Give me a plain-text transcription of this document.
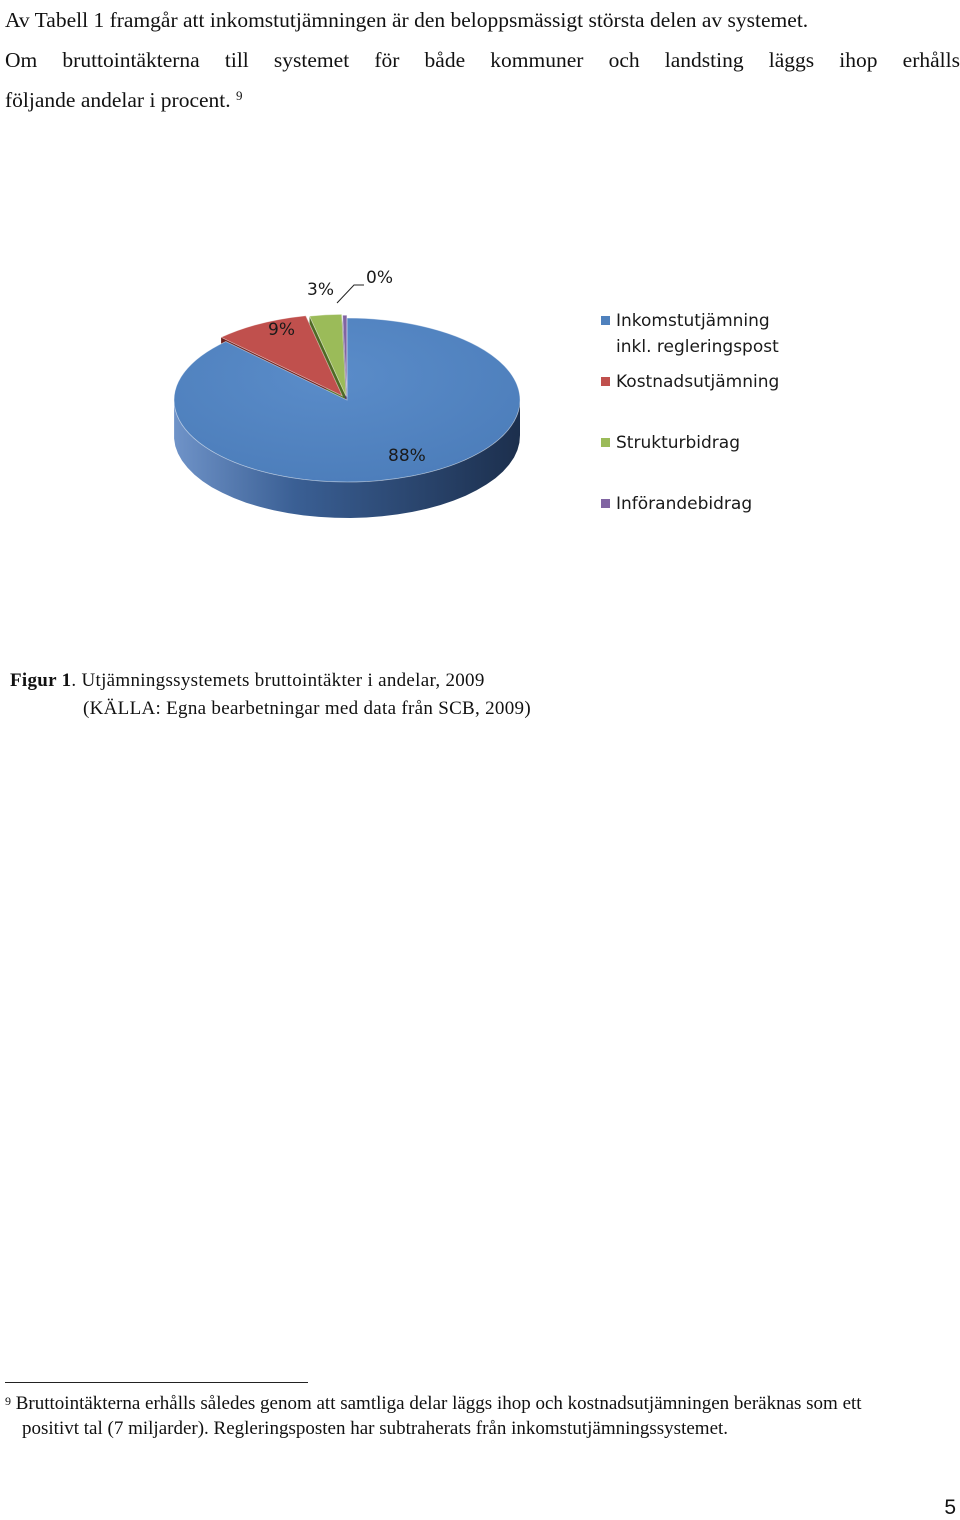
Av Tabell 1 framgår att inkomstutjämningen är den beloppsmässigt största delen av systemet.
Om bruttointäkterna till systemet för både kommuner och landsting läggs ihop erhålls
följande andelar i procent. $^9$
88%
9%
3%
0%
Inkomstutjämning
inkl. regleringspost
Kostnadsutjämning
Strukturbidrag
Införandebidrag
Figur 1. Utjämningssystemets bruttointäkter i andelar, 2009
(KÄLLA: Egna bearbetningar med data från SCB, 2009)
$^9$ Bruttointäkterna erhålls således genom att samtliga delar läggs ihop och kostnadsutjämningen beräknas som ett
positivt tal (7 miljarder). Regleringsposten har subtraherats från inkomstutjämningssystemet.
5
